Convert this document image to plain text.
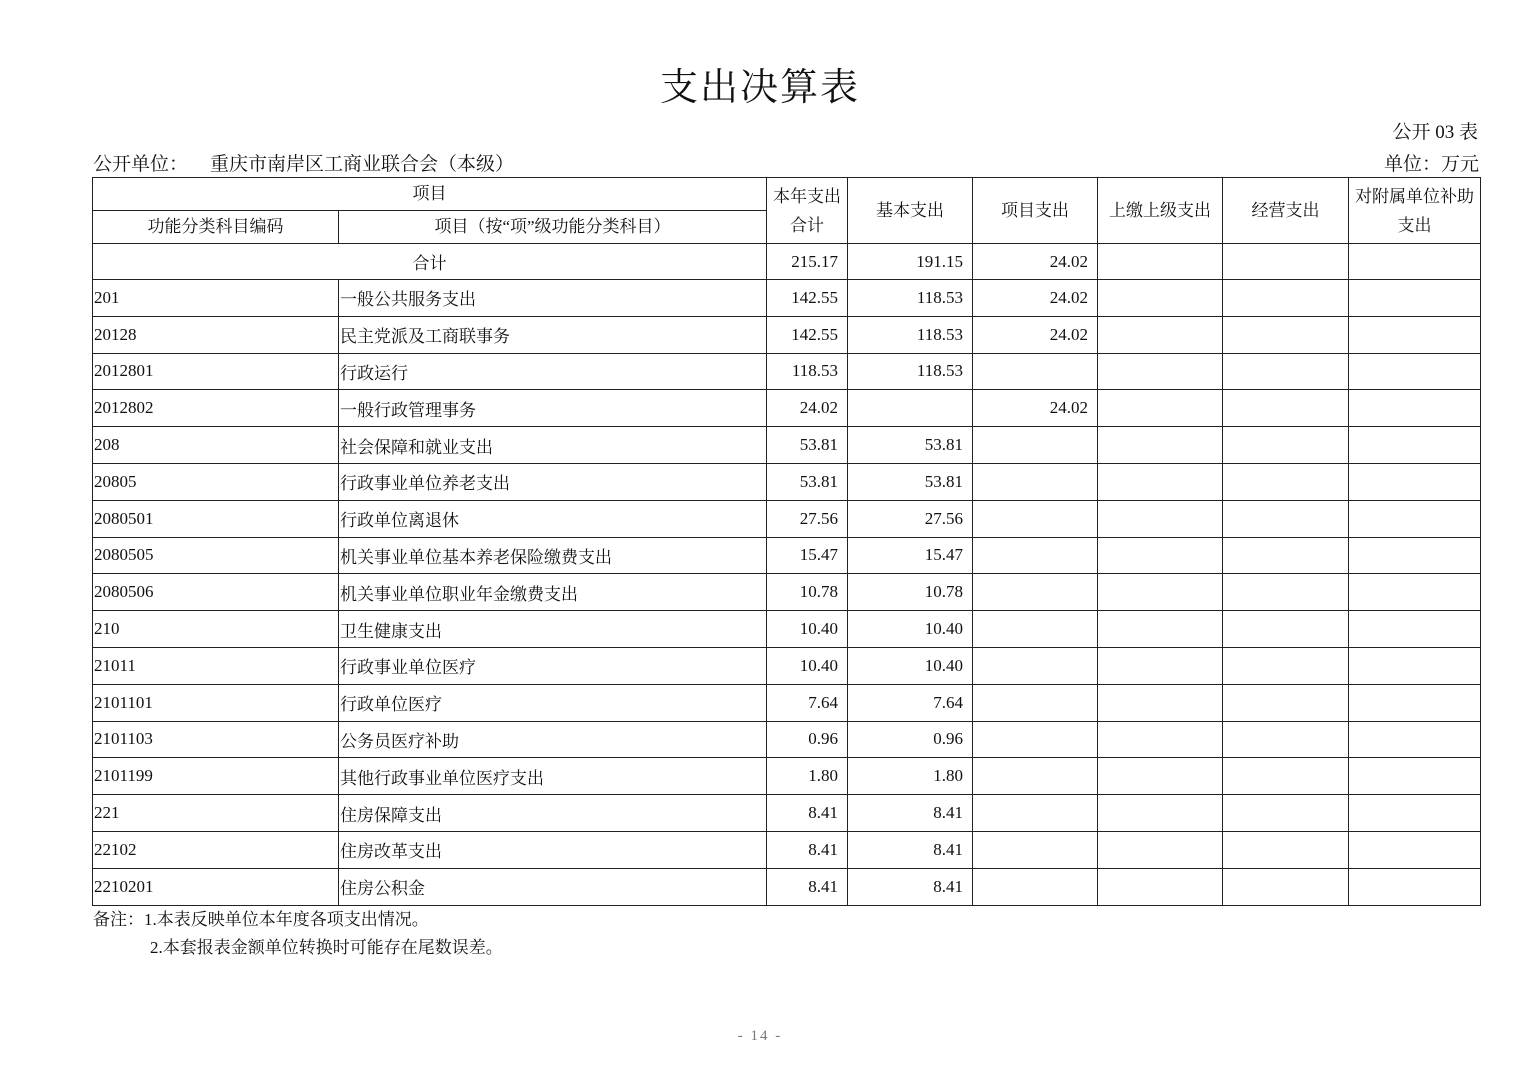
支出决算表
公开 03 表
公开单位： 重庆市南岸区工商业联合会（本级）	单位：万元
项目		本年支出合计	基本支出	项目支出	上缴上级支出	经营支出	对附属单位补助支出
功能分类科目编码	项目（按“项”级功能分类科目）						
合计		215.17	191.15	24.02			
201	一般公共服务支出	142.55	118.53	24.02			
20128	民主党派及工商联事务	142.55	118.53	24.02			
2012801	行政运行	118.53	118.53				
2012802	一般行政管理事务	24.02		24.02			
208	社会保障和就业支出	53.81	53.81				
20805	行政事业单位养老支出	53.81	53.81				
2080501	行政单位离退休	27.56	27.56				
2080505	机关事业单位基本养老保险缴费支出	15.47	15.47				
2080506	机关事业单位职业年金缴费支出	10.78	10.78				
210	卫生健康支出	10.40	10.40				
21011	行政事业单位医疗	10.40	10.40				
2101101	行政单位医疗	7.64	7.64				
2101103	公务员医疗补助	0.96	0.96				
2101199	其他行政事业单位医疗支出	1.80	1.80				
221	住房保障支出	8.41	8.41				
22102	住房改革支出	8.41	8.41				
2210201	住房公积金	8.41	8.41				
备注：1.本表反映单位本年度各项支出情况。
2.本套报表金额单位转换时可能存在尾数误差。
- 14 -
